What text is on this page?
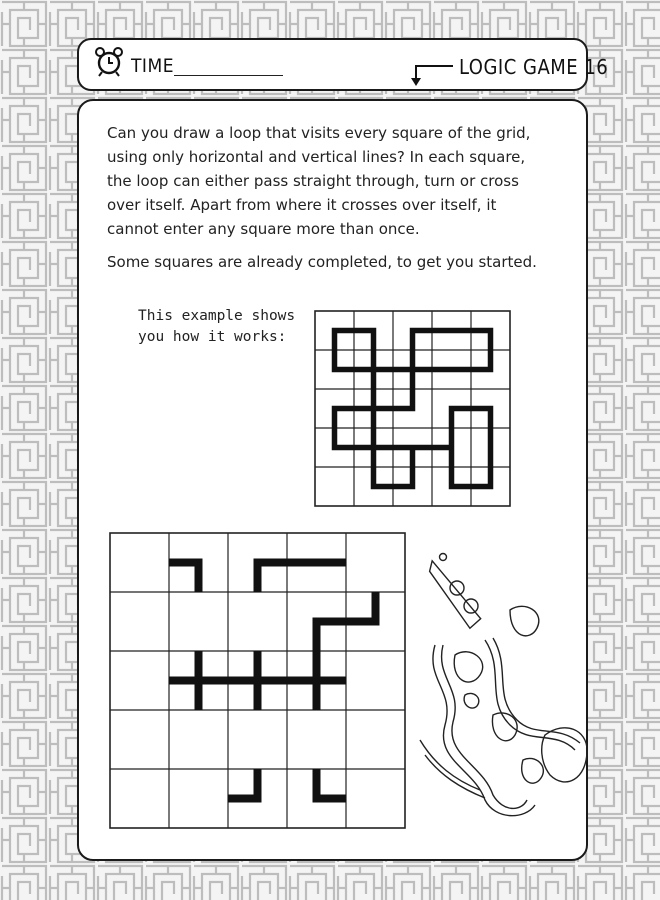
TIME	LOGIC GAME 16

Can you draw a loop that visits every square of the grid, using only horizontal and vertical lines? In each square, the loop can either pass straight through, turn or cross over itself. Apart from where it crosses over itself, it cannot enter any square more than once.

Some squares are already completed, to get you started.

This example shows you how it works:
